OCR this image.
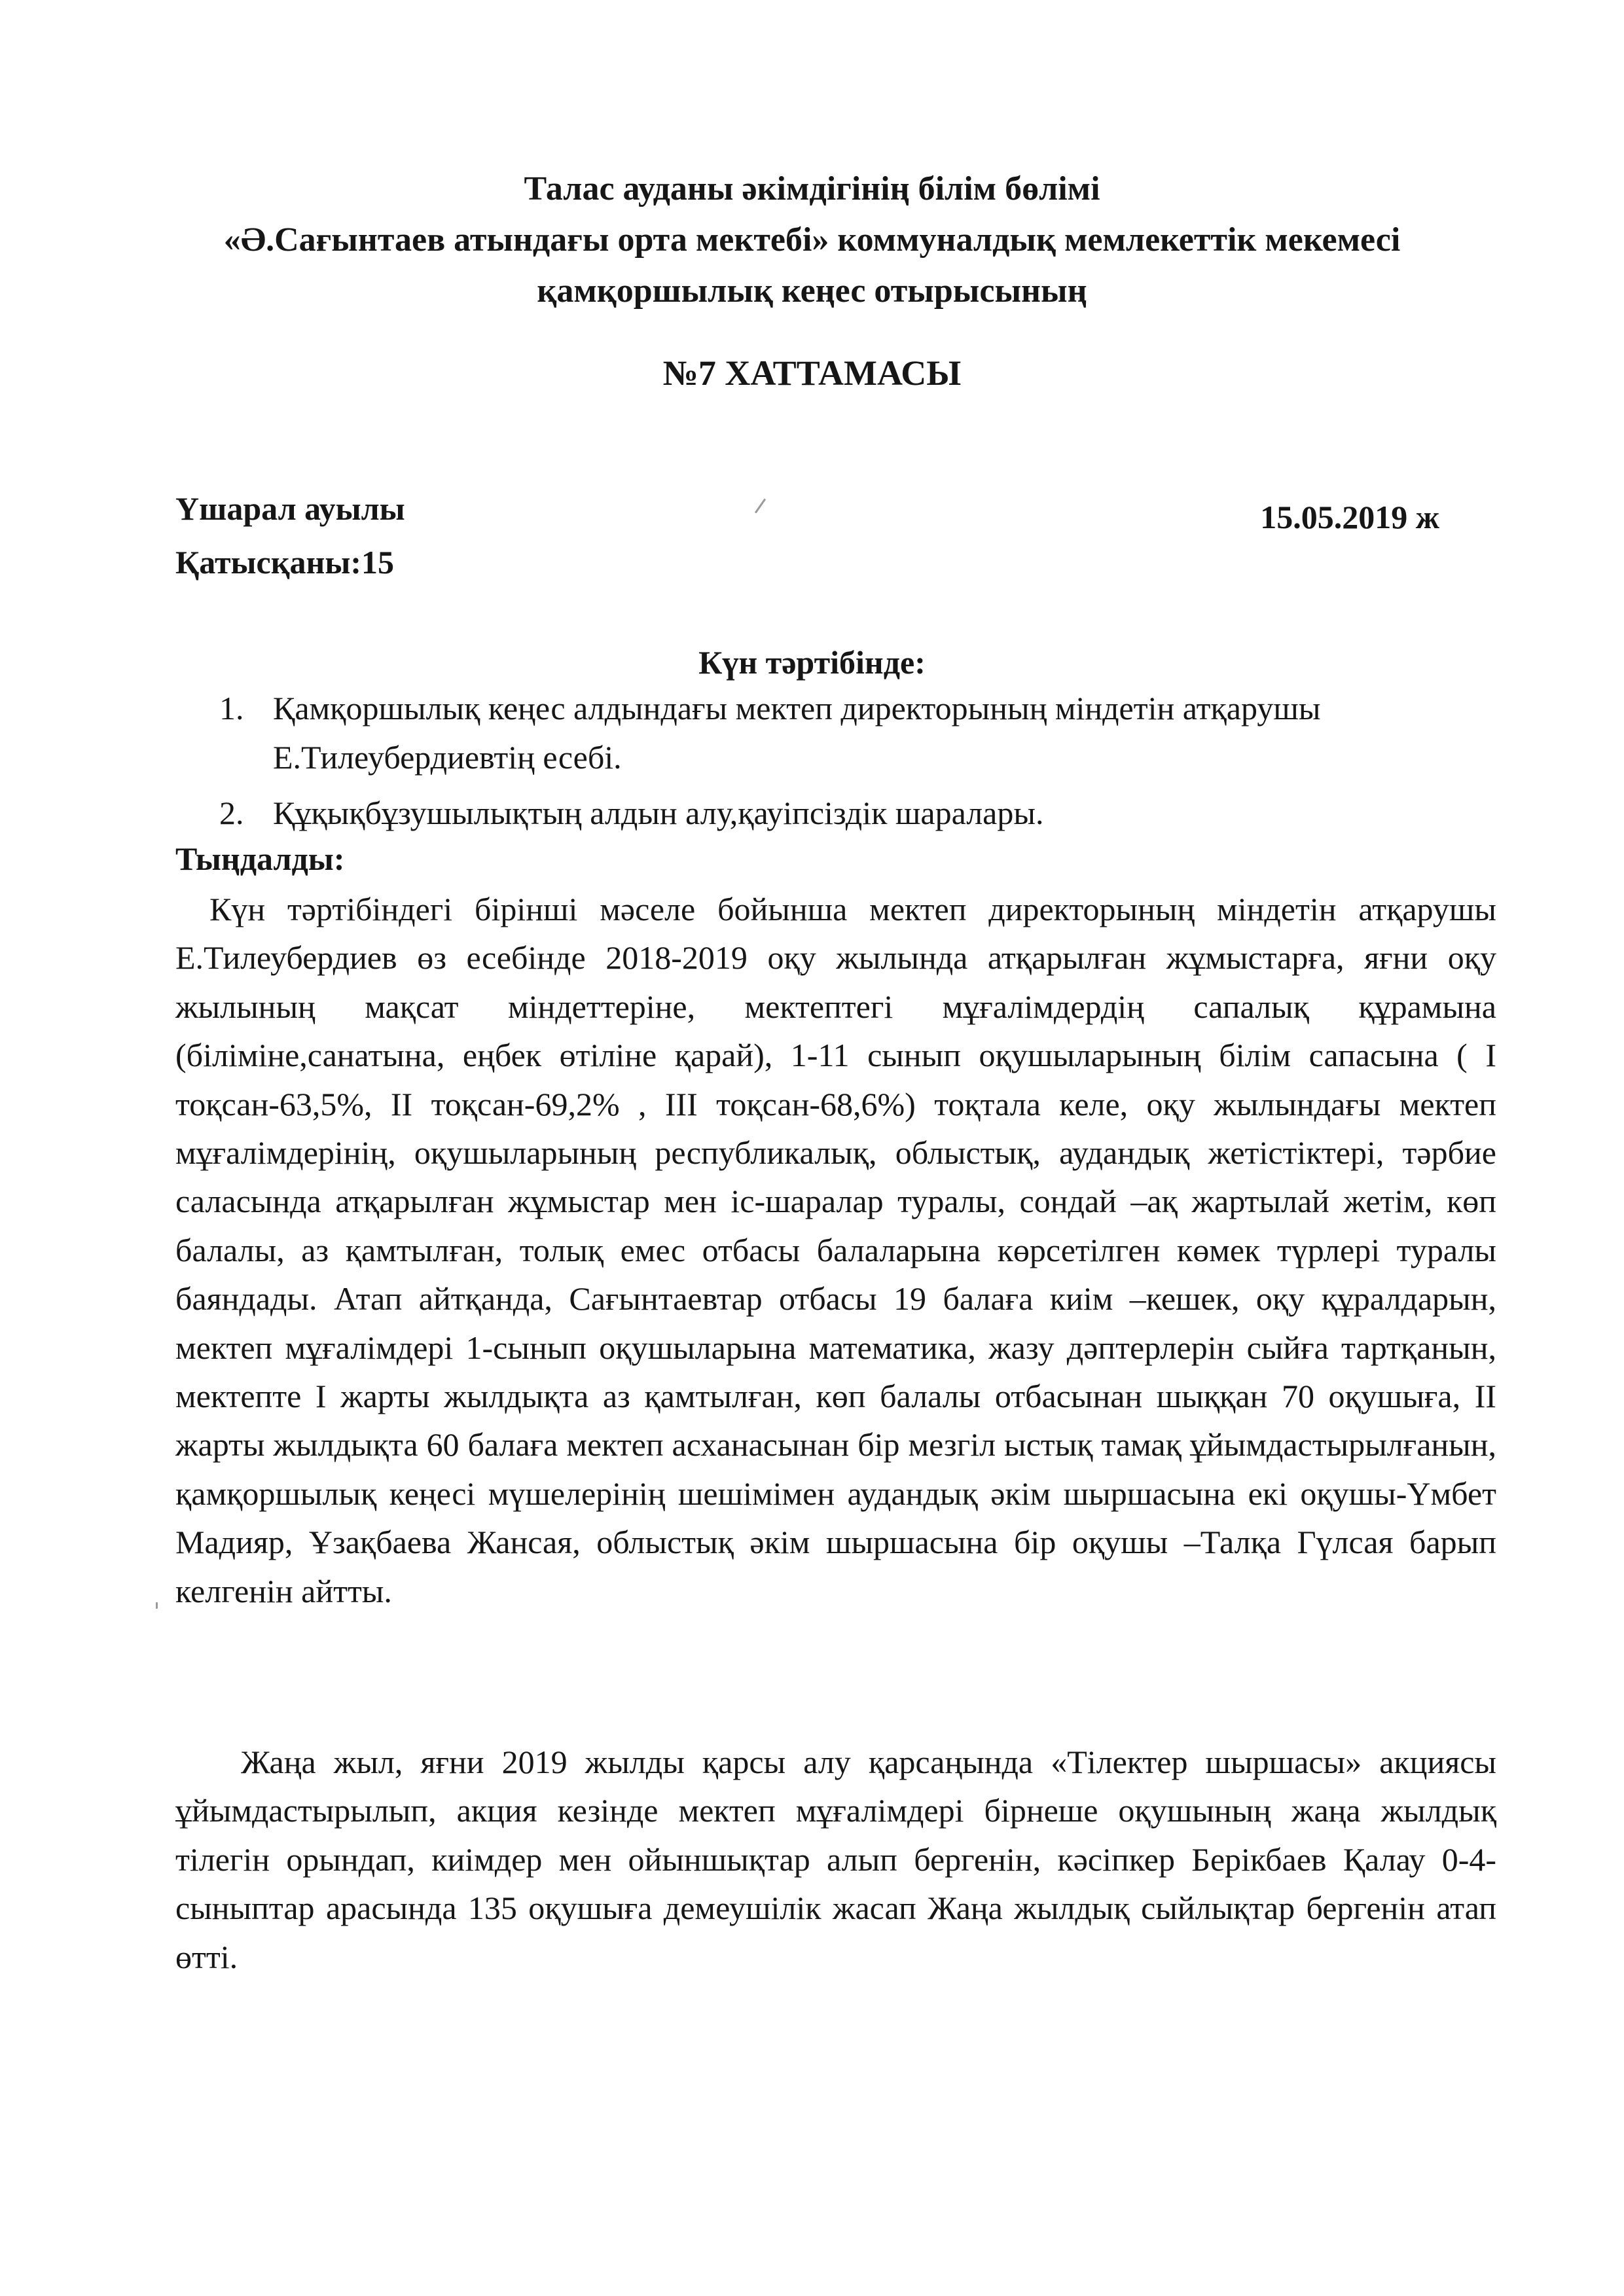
Талас ауданы әкімдігінің білім бөлімі
«Ә.Сағынтаев атындағы орта мектебі» коммуналдық мемлекеттік мекемесі
қамқоршылық кеңес отырысының
№7 ХАТТАМАСЫ
Үшарал ауылы
Қатысқаны:15
15.05.2019 ж
Күн тәртібінде:
1. Қамқоршылық кеңес алдындағы мектеп директорының міндетін атқарушы Е.Тилеубердиевтің есебі.
2. Құқықбұзушылықтың алдын алу,қауіпсіздік шаралары.
Тыңдалды:

Күн тәртібіндегі бірінші мәселе бойынша мектеп директорының міндетін атқарушы Е.Тилеубердиев өз есебінде 2018-2019 оқу жылында атқарылған жұмыстарға, яғни оқу жылының мақсат міндеттеріне, мектептегі мұғалімдердің сапалық құрамына (біліміне,санатына, еңбек өтіліне қарай), 1-11 сынып оқушыларының білім сапасына ( І тоқсан-63,5%, ІІ тоқсан-69,2% , ІІІ тоқсан-68,6%) тоқтала келе, оқу жылындағы мектеп мұғалімдерінің, оқушыларының республикалық, облыстық, аудандық жетістіктері, тәрбие саласында атқарылған жұмыстар мен іс-шаралар туралы, сондай –ақ жартылай жетім, көп балалы, аз қамтылған, толық емес отбасы балаларына көрсетілген көмек түрлері туралы баяндады. Атап айтқанда, Сағынтаевтар отбасы 19 балаға киім –кешек, оқу құралдарын, мектеп мұғалімдері 1-сынып оқушыларына математика, жазу дәптерлерін сыйға тартқанын, мектепте І жарты жылдықта аз қамтылған, көп балалы отбасынан шыққан 70 оқушыға, ІІ жарты жылдықта 60 балаға мектеп асханасынан бір мезгіл ыстық тамақ ұйымдастырылғанын, қамқоршылық кеңесі мүшелерінің шешімімен аудандық әкім шыршасына екі оқушы-Үмбет Мадияр, Ұзақбаева Жансая, облыстық әкім шыршасына бір оқушы –Талқа Гүлсая барып келгенін айтты.

Жаңа жыл, яғни 2019 жылды қарсы алу қарсаңында «Тілектер шыршасы» акциясы ұйымдастырылып, акция кезінде мектеп мұғалімдері бірнеше оқушының жаңа жылдық тілегін орындап, киімдер мен ойыншықтар алып бергенін, кәсіпкер Берікбаев Қалау 0-4-сыныптар арасында 135 оқушыға демеушілік жасап Жаңа жылдық сыйлықтар бергенін атап өтті.
